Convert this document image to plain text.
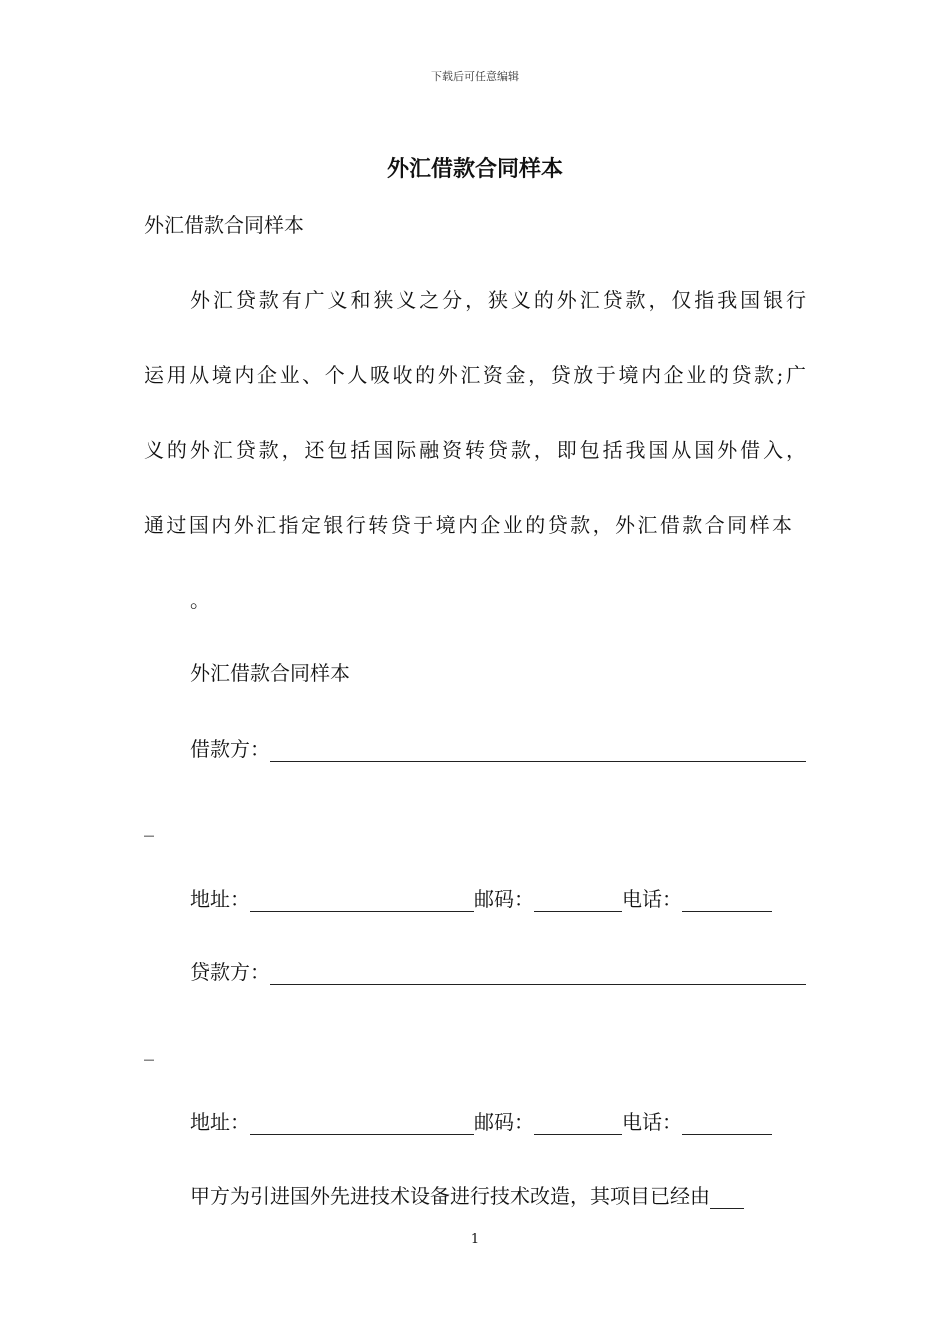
下载后可任意编辑
外汇借款合同样本
外汇借款合同样本
外汇贷款有广义和狭义之分，狭义的外汇贷款，仅指我国银行
运用从境内企业、个人吸收的外汇资金，贷放于境内企业的贷款;广
义的外汇贷款，还包括国际融资转贷款，即包括我国从国外借入，
通过国内外汇指定银行转贷于境内企业的贷款，外汇借款合同样本
。
外汇借款合同样本
借款方：
_
地址：	邮码：	电话：
贷款方：
_
地址：	邮码：	电话：
甲方为引进国外先进技术设备进行技术改造，其项目已经由
1
